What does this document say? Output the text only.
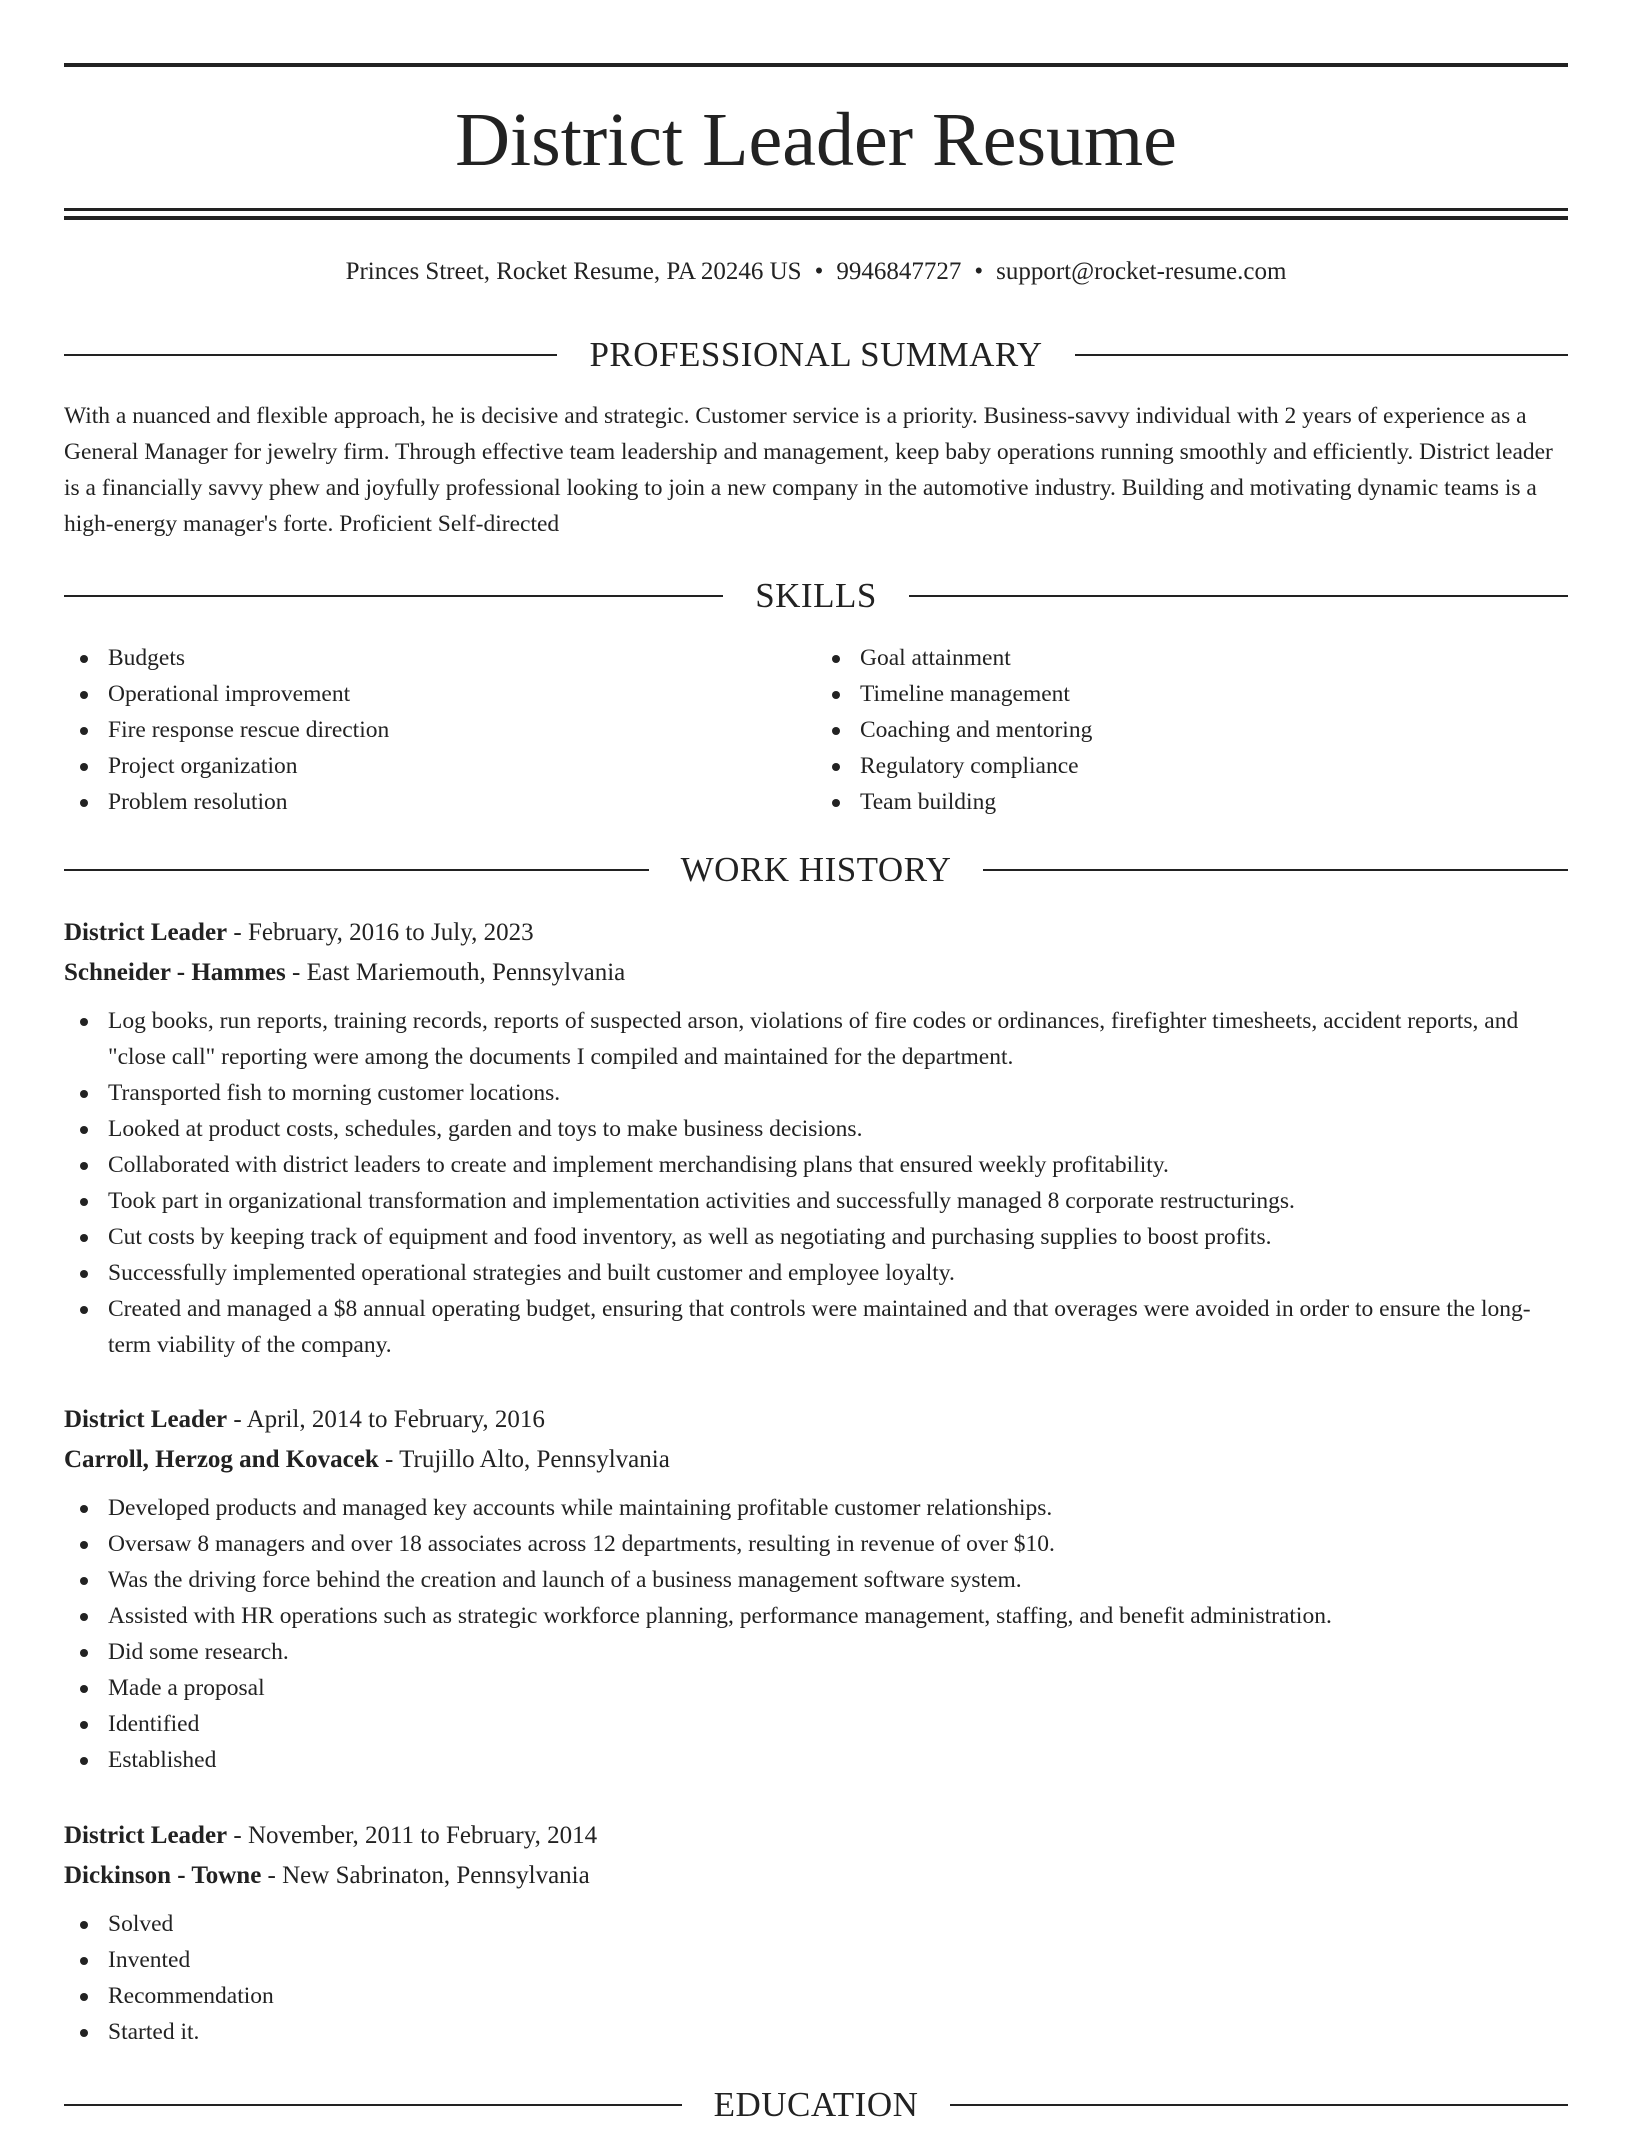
District Leader Resume
Princes Street, Rocket Resume, PA 20246 US • 9946847727 • support@rocket-resume.com
PROFESSIONAL SUMMARY

With a nuanced and flexible approach, he is decisive and strategic. Customer service is a priority. Business-savvy individual with 2 years of experience as a General Manager for jewelry firm. Through effective team leadership and management, keep baby operations running smoothly and efficiently. District leader is a financially savvy phew and joyfully professional looking to join a new company in the automotive industry. Building and motivating dynamic teams is a high-energy manager's forte. Proficient Self-directed

SKILLS
Budgets
Operational improvement
Fire response rescue direction
Project organization
Problem resolution
Goal attainment
Timeline management
Coaching and mentoring
Regulatory compliance
Team building
WORK HISTORY
District Leader - February, 2016 to July, 2023
Schneider - Hammes - East Mariemouth, Pennsylvania
Log books, run reports, training records, reports of suspected arson, violations of fire codes or ordinances, firefighter timesheets, accident reports, and "close call" reporting were among the documents I compiled and maintained for the department.
Transported fish to morning customer locations.
Looked at product costs, schedules, garden and toys to make business decisions.
Collaborated with district leaders to create and implement merchandising plans that ensured weekly profitability.
Took part in organizational transformation and implementation activities and successfully managed 8 corporate restructurings.
Cut costs by keeping track of equipment and food inventory, as well as negotiating and purchasing supplies to boost profits.
Successfully implemented operational strategies and built customer and employee loyalty.
Created and managed a $8 annual operating budget, ensuring that controls were maintained and that overages were avoided in order to ensure the long-term viability of the company.
District Leader - April, 2014 to February, 2016
Carroll, Herzog and Kovacek - Trujillo Alto, Pennsylvania
Developed products and managed key accounts while maintaining profitable customer relationships.
Oversaw 8 managers and over 18 associates across 12 departments, resulting in revenue of over $10.
Was the driving force behind the creation and launch of a business management software system.
Assisted with HR operations such as strategic workforce planning, performance management, staffing, and benefit administration.
Did some research.
Made a proposal
Identified
Established
District Leader - November, 2011 to February, 2014
Dickinson - Towne - New Sabrinaton, Pennsylvania
Solved
Invented
Recommendation
Started it.
EDUCATION
